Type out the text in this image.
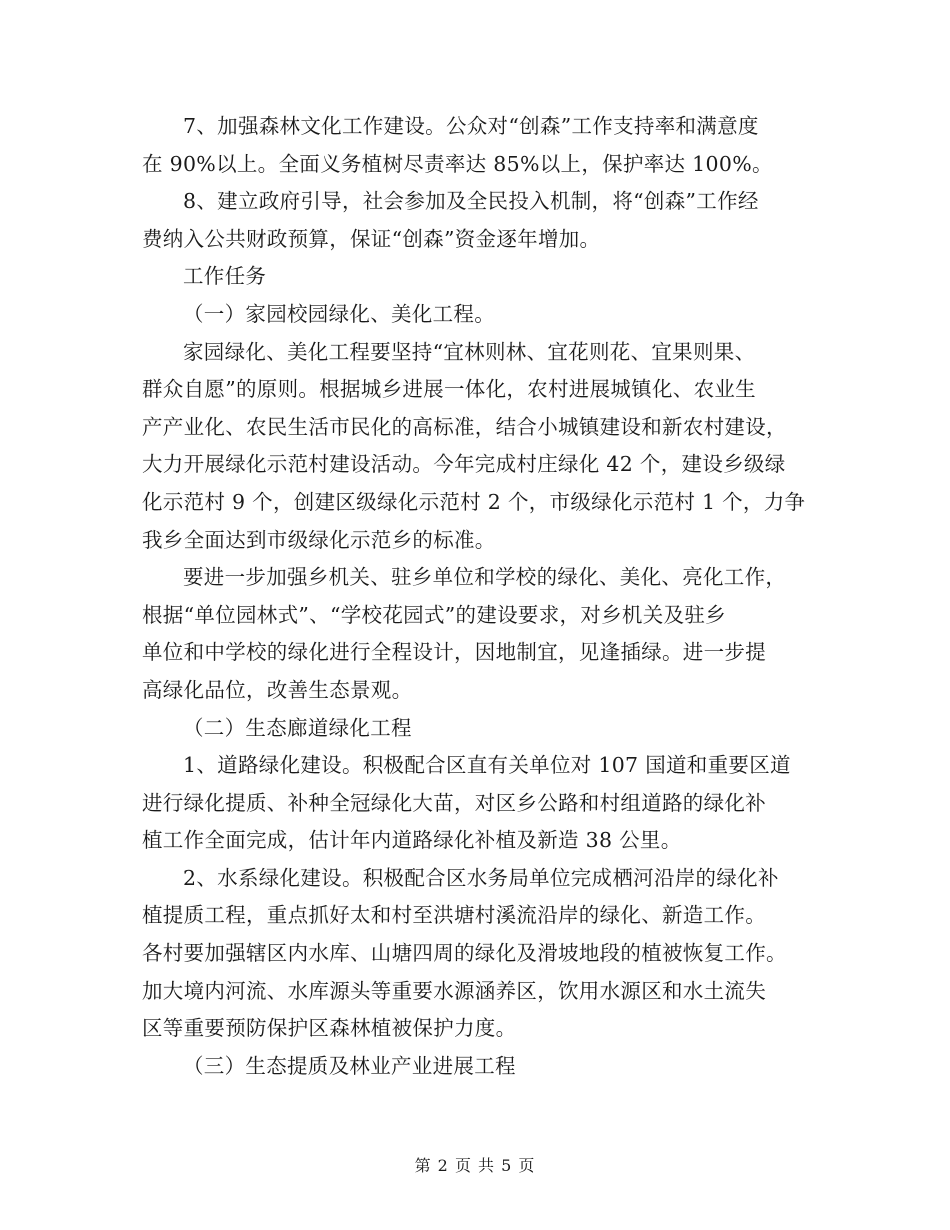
7、加强森林文化工作建设。公众对“创森”工作支持率和满意度
在 90%以上。全面义务植树尽责率达 85%以上，保护率达 100%。

8、建立政府引导，社会参加及全民投入机制，将“创森”工作经
费纳入公共财政预算，保证“创森”资金逐年增加。

工作任务

（一）家园校园绿化、美化工程。

家园绿化、美化工程要坚持“宜林则林、宜花则花、宜果则果、
群众自愿”的原则。根据城乡进展一体化，农村进展城镇化、农业生
产产业化、农民生活市民化的高标准，结合小城镇建设和新农村建设，
大力开展绿化示范村建设活动。今年完成村庄绿化 42 个，建设乡级绿
化示范村 9 个，创建区级绿化示范村 2 个，市级绿化示范村 1 个，力争
我乡全面达到市级绿化示范乡的标准。

要进一步加强乡机关、驻乡单位和学校的绿化、美化、亮化工作，
根据“单位园林式”、“学校花园式”的建设要求，对乡机关及驻乡
单位和中学校的绿化进行全程设计，因地制宜，见逢插绿。进一步提
高绿化品位，改善生态景观。

（二）生态廊道绿化工程

1、道路绿化建设。积极配合区直有关单位对 107 国道和重要区道
进行绿化提质、补种全冠绿化大苗，对区乡公路和村组道路的绿化补
植工作全面完成，估计年内道路绿化补植及新造 38 公里。

2、水系绿化建设。积极配合区水务局单位完成栖河沿岸的绿化补
植提质工程，重点抓好太和村至洪塘村溪流沿岸的绿化、新造工作。
各村要加强辖区内水库、山塘四周的绿化及滑坡地段的植被恢复工作。
加大境内河流、水库源头等重要水源涵养区，饮用水源区和水土流失
区等重要预防保护区森林植被保护力度。

（三）生态提质及林业产业进展工程

第 2 页 共 5 页
